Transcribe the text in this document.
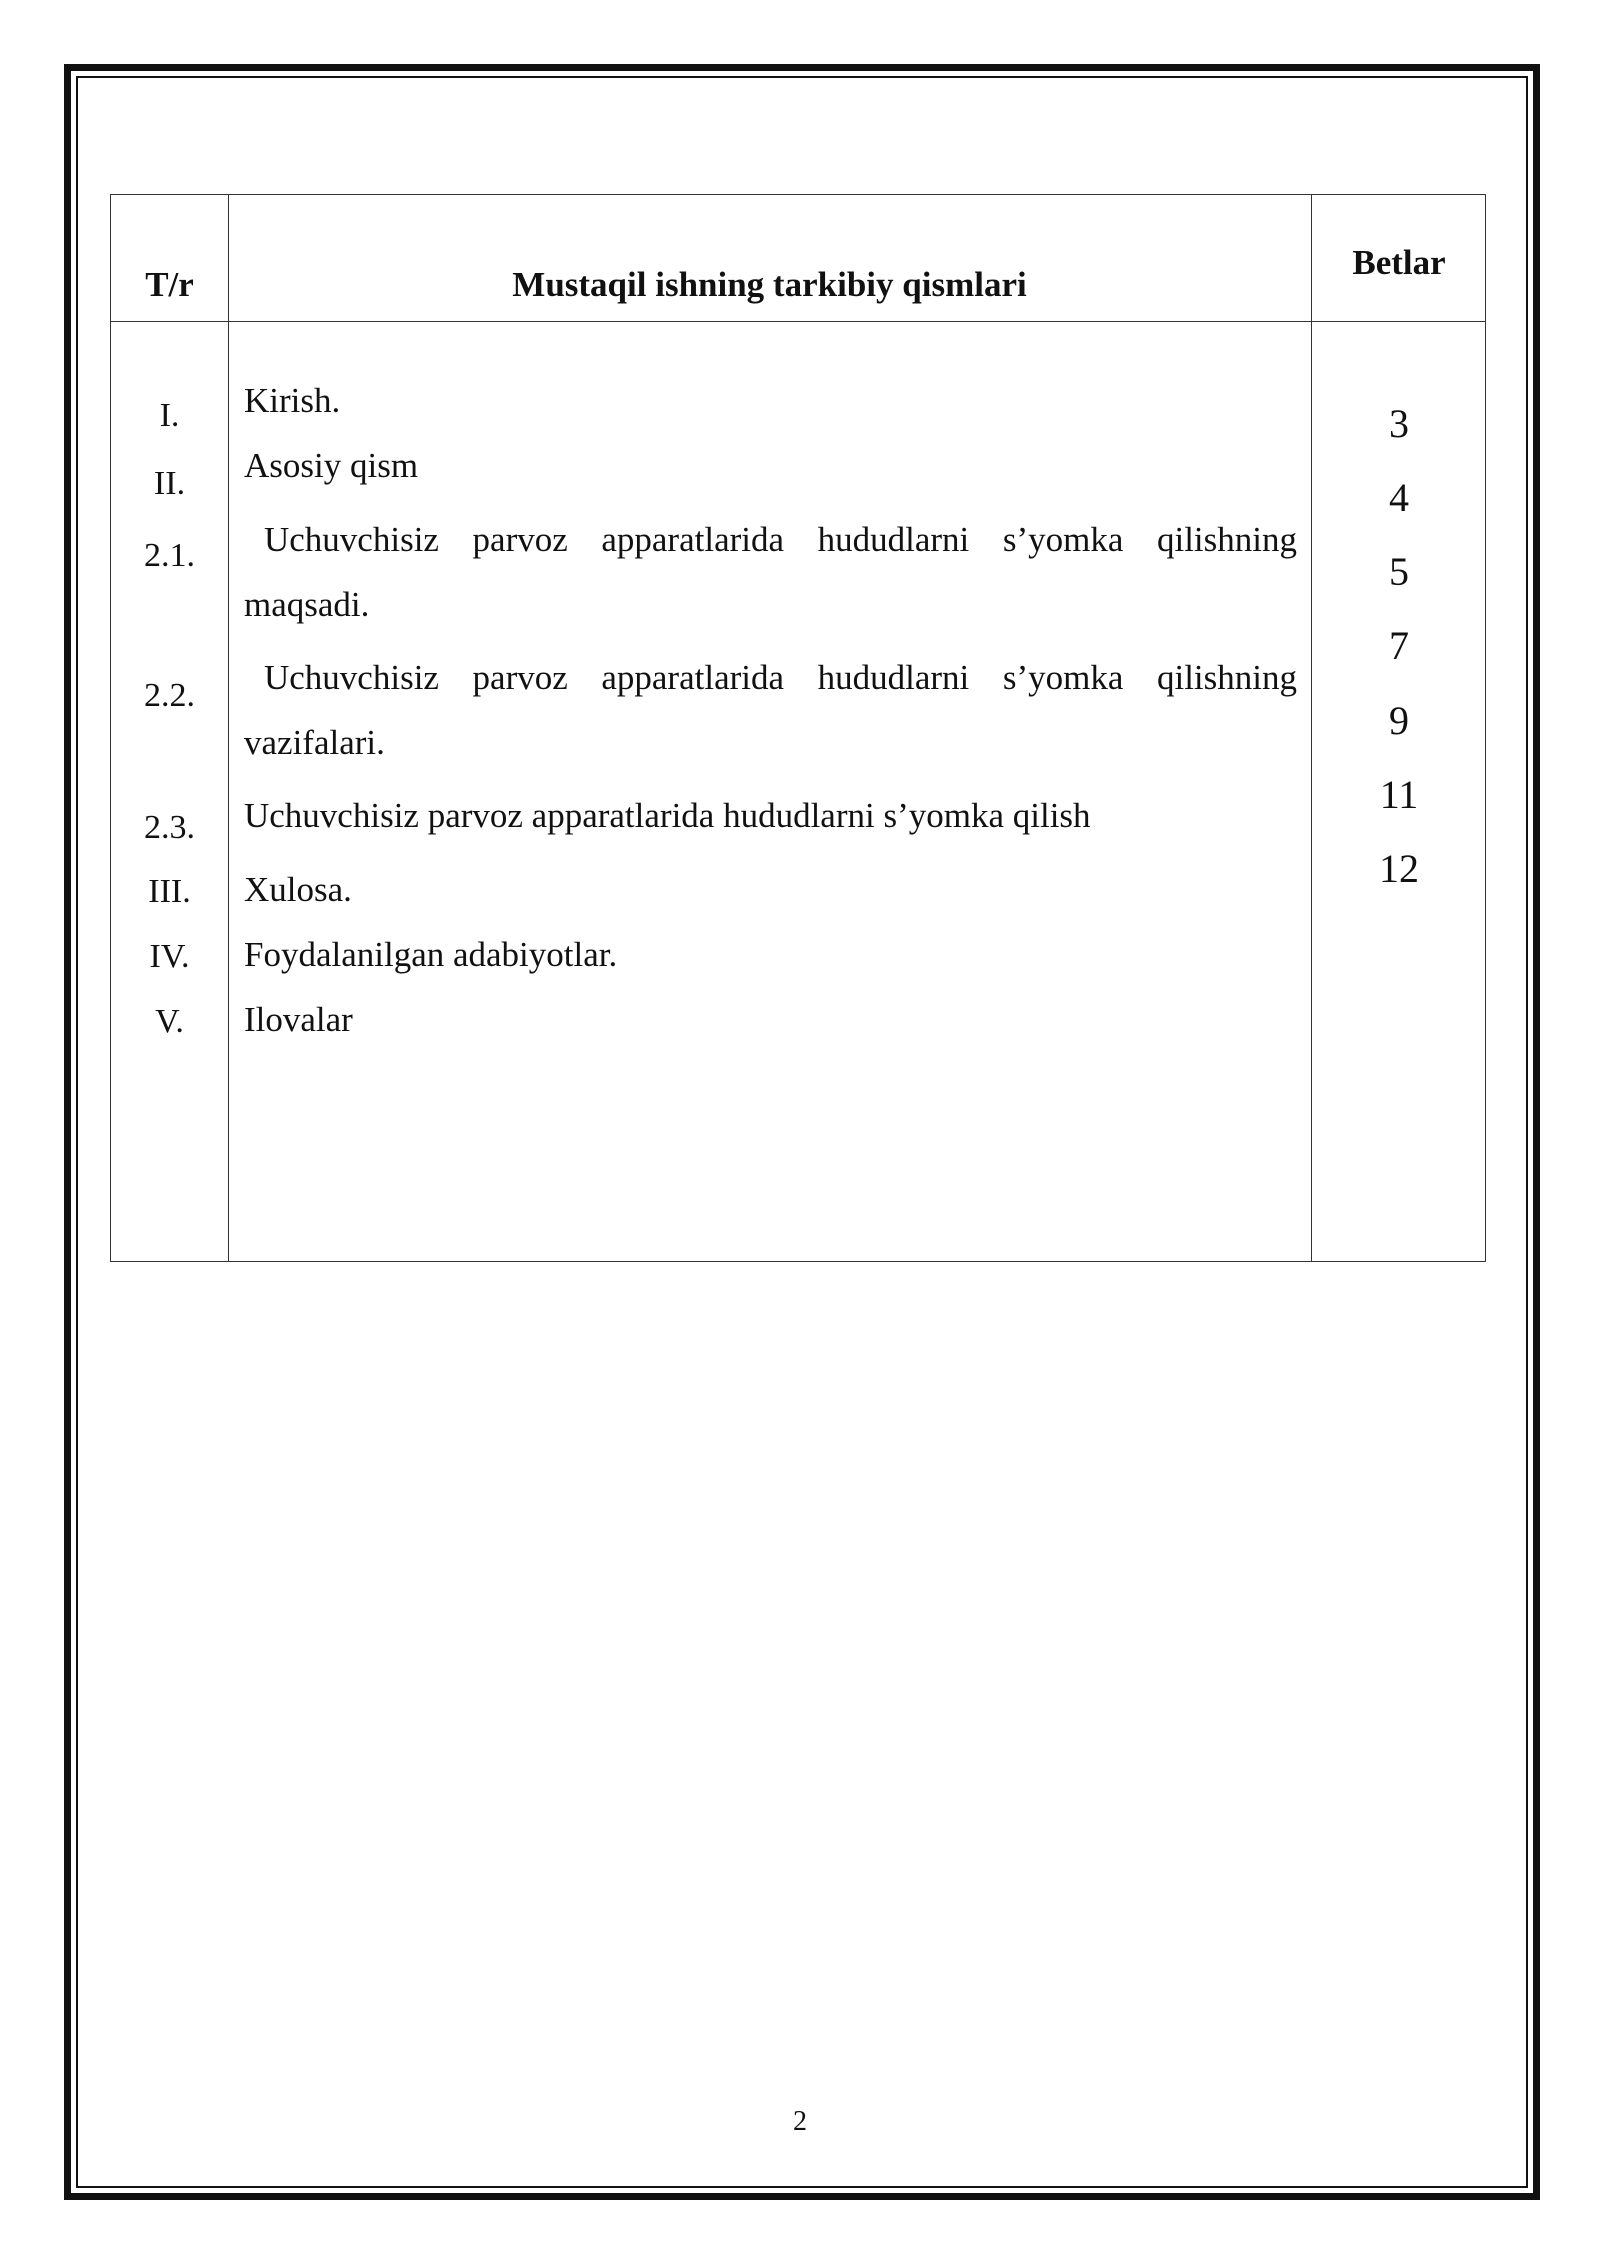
T/r	Mustaqil ishning tarkibiy qismlari
Betlar
I.
II.
2.1.
2.2.
2.3.
III.
IV.
V.
Kirish.
Asosiy qism
Uchuvchisiz parvoz apparatlarida hududlarni s’yomka qilishning maqsadi.
Uchuvchisiz parvoz apparatlarida hududlarni s’yomka qilishning vazifalari.
Uchuvchisiz parvoz apparatlarida hududlarni s’yomka qilish
Xulosa.
Foydalanilgan adabiyotlar.
Ilovalar
3
4
5
7
9
11
12
2
